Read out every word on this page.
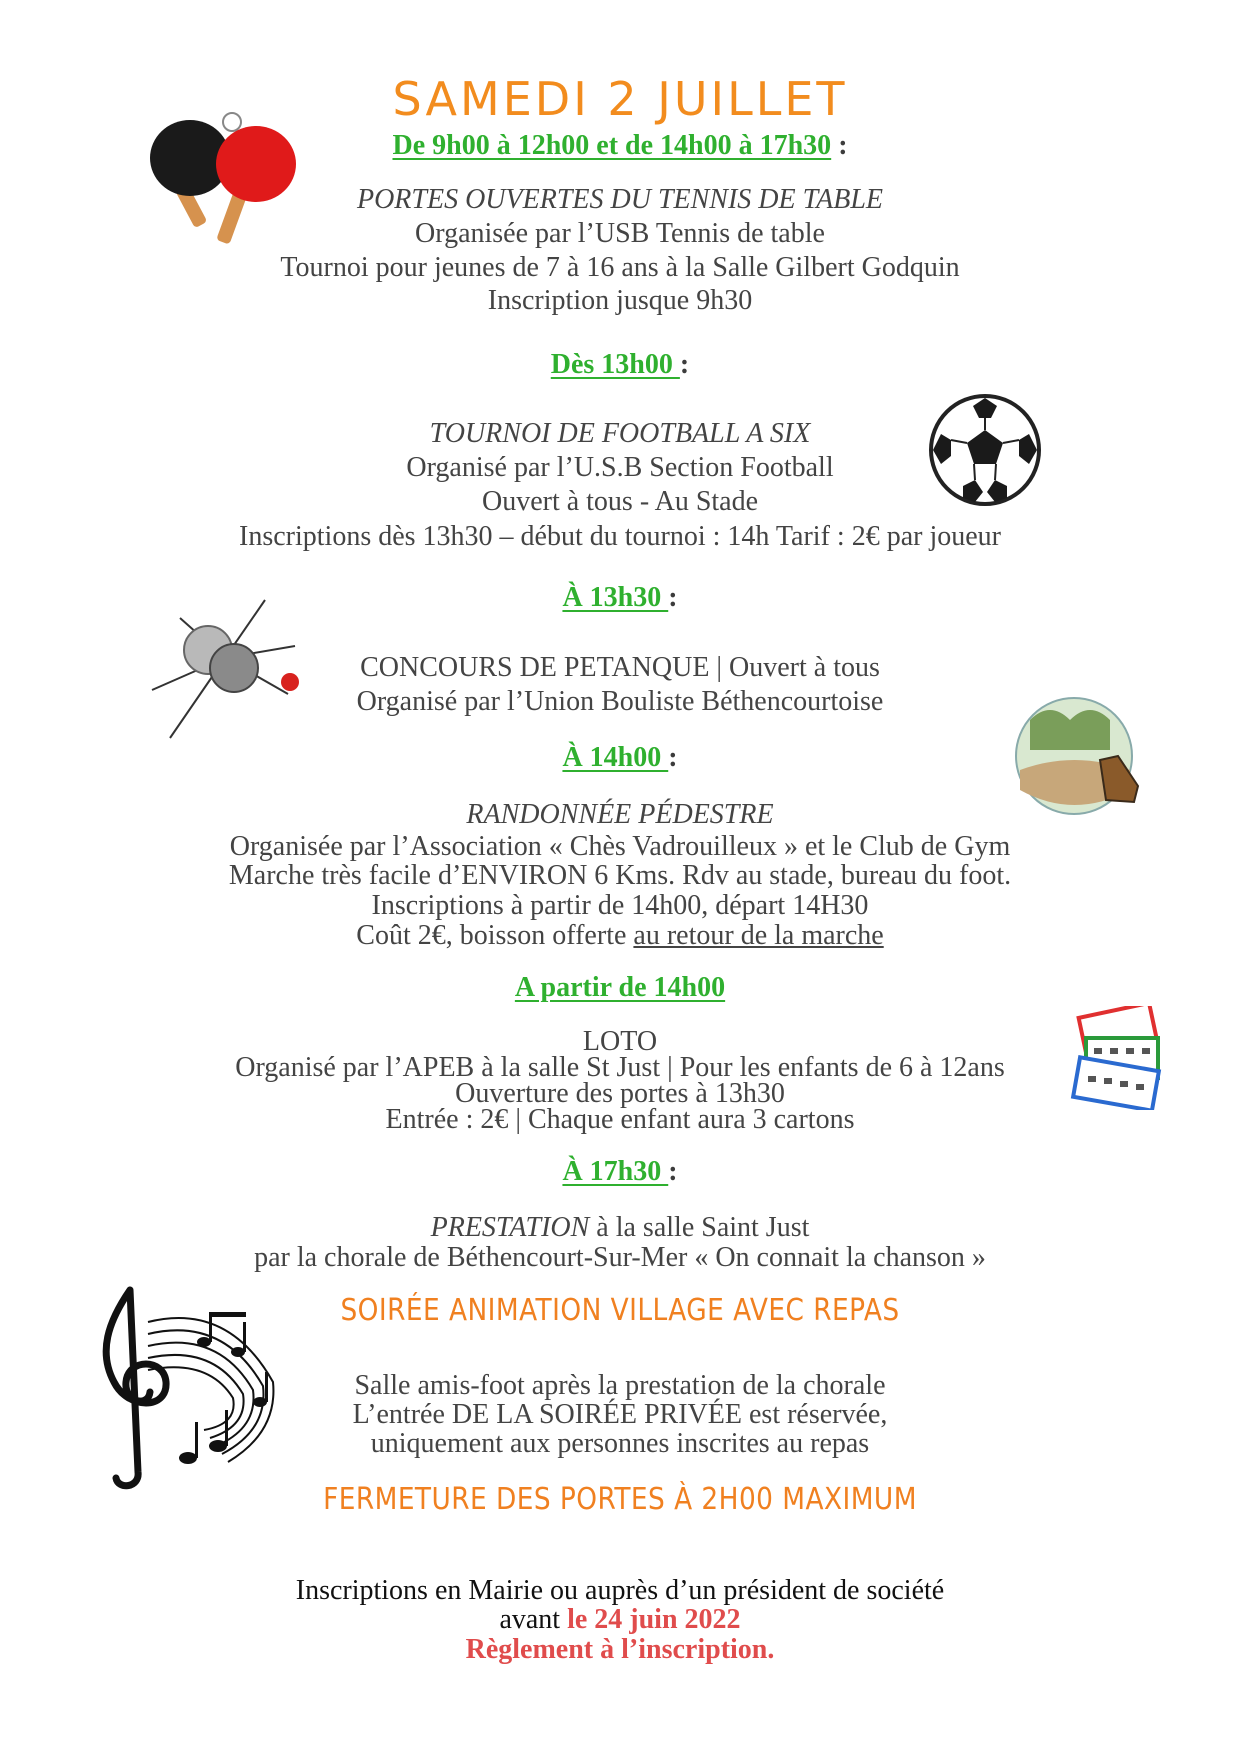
SAMEDI 2 JUILLET
De 9h00 à 12h00 et de 14h00 à 17h30 :
PORTES OUVERTES DU TENNIS DE TABLE
Organisée par l’USB Tennis de table
Tournoi pour jeunes de 7 à 16 ans à la Salle Gilbert Godquin
Inscription jusque 9h30
Dès 13h00 :
TOURNOI DE FOOTBALL A SIX
Organisé par l’U.S.B Section Football
Ouvert à tous - Au Stade
Inscriptions dès 13h30 – début du tournoi : 14h Tarif : 2€ par joueur
À 13h30 :
CONCOURS DE PETANQUE | Ouvert à tous
Organisé par l’Union Bouliste Béthencourtoise
À 14h00 :
RANDONNÉE PÉDESTRE
Organisée par l’Association « Chès Vadrouilleux » et le Club de Gym
Marche très facile d’ENVIRON 6 Kms. Rdv au stade, bureau du foot.
Inscriptions à partir de 14h00, départ 14H30
Coût 2€, boisson offerte au retour de la marche
A partir de 14h00
LOTO
Organisé par l’APEB à la salle St Just | Pour les enfants de 6 à 12ans
Ouverture des portes à 13h30
Entrée : 2€ | Chaque enfant aura 3 cartons
À 17h30 :
PRESTATION à la salle Saint Just
par la chorale de Béthencourt-Sur-Mer « On connait la chanson »
SOIRÉE ANIMATION VILLAGE AVEC REPAS
Salle amis-foot après la prestation de la chorale
L’entrée DE LA SOIRÉE PRIVÉE est réservée,
uniquement aux personnes inscrites au repas
FERMETURE DES PORTES À 2H00 MAXIMUM
Inscriptions en Mairie ou auprès d’un président de société
avant le 24 juin 2022
Règlement à l’inscription.
